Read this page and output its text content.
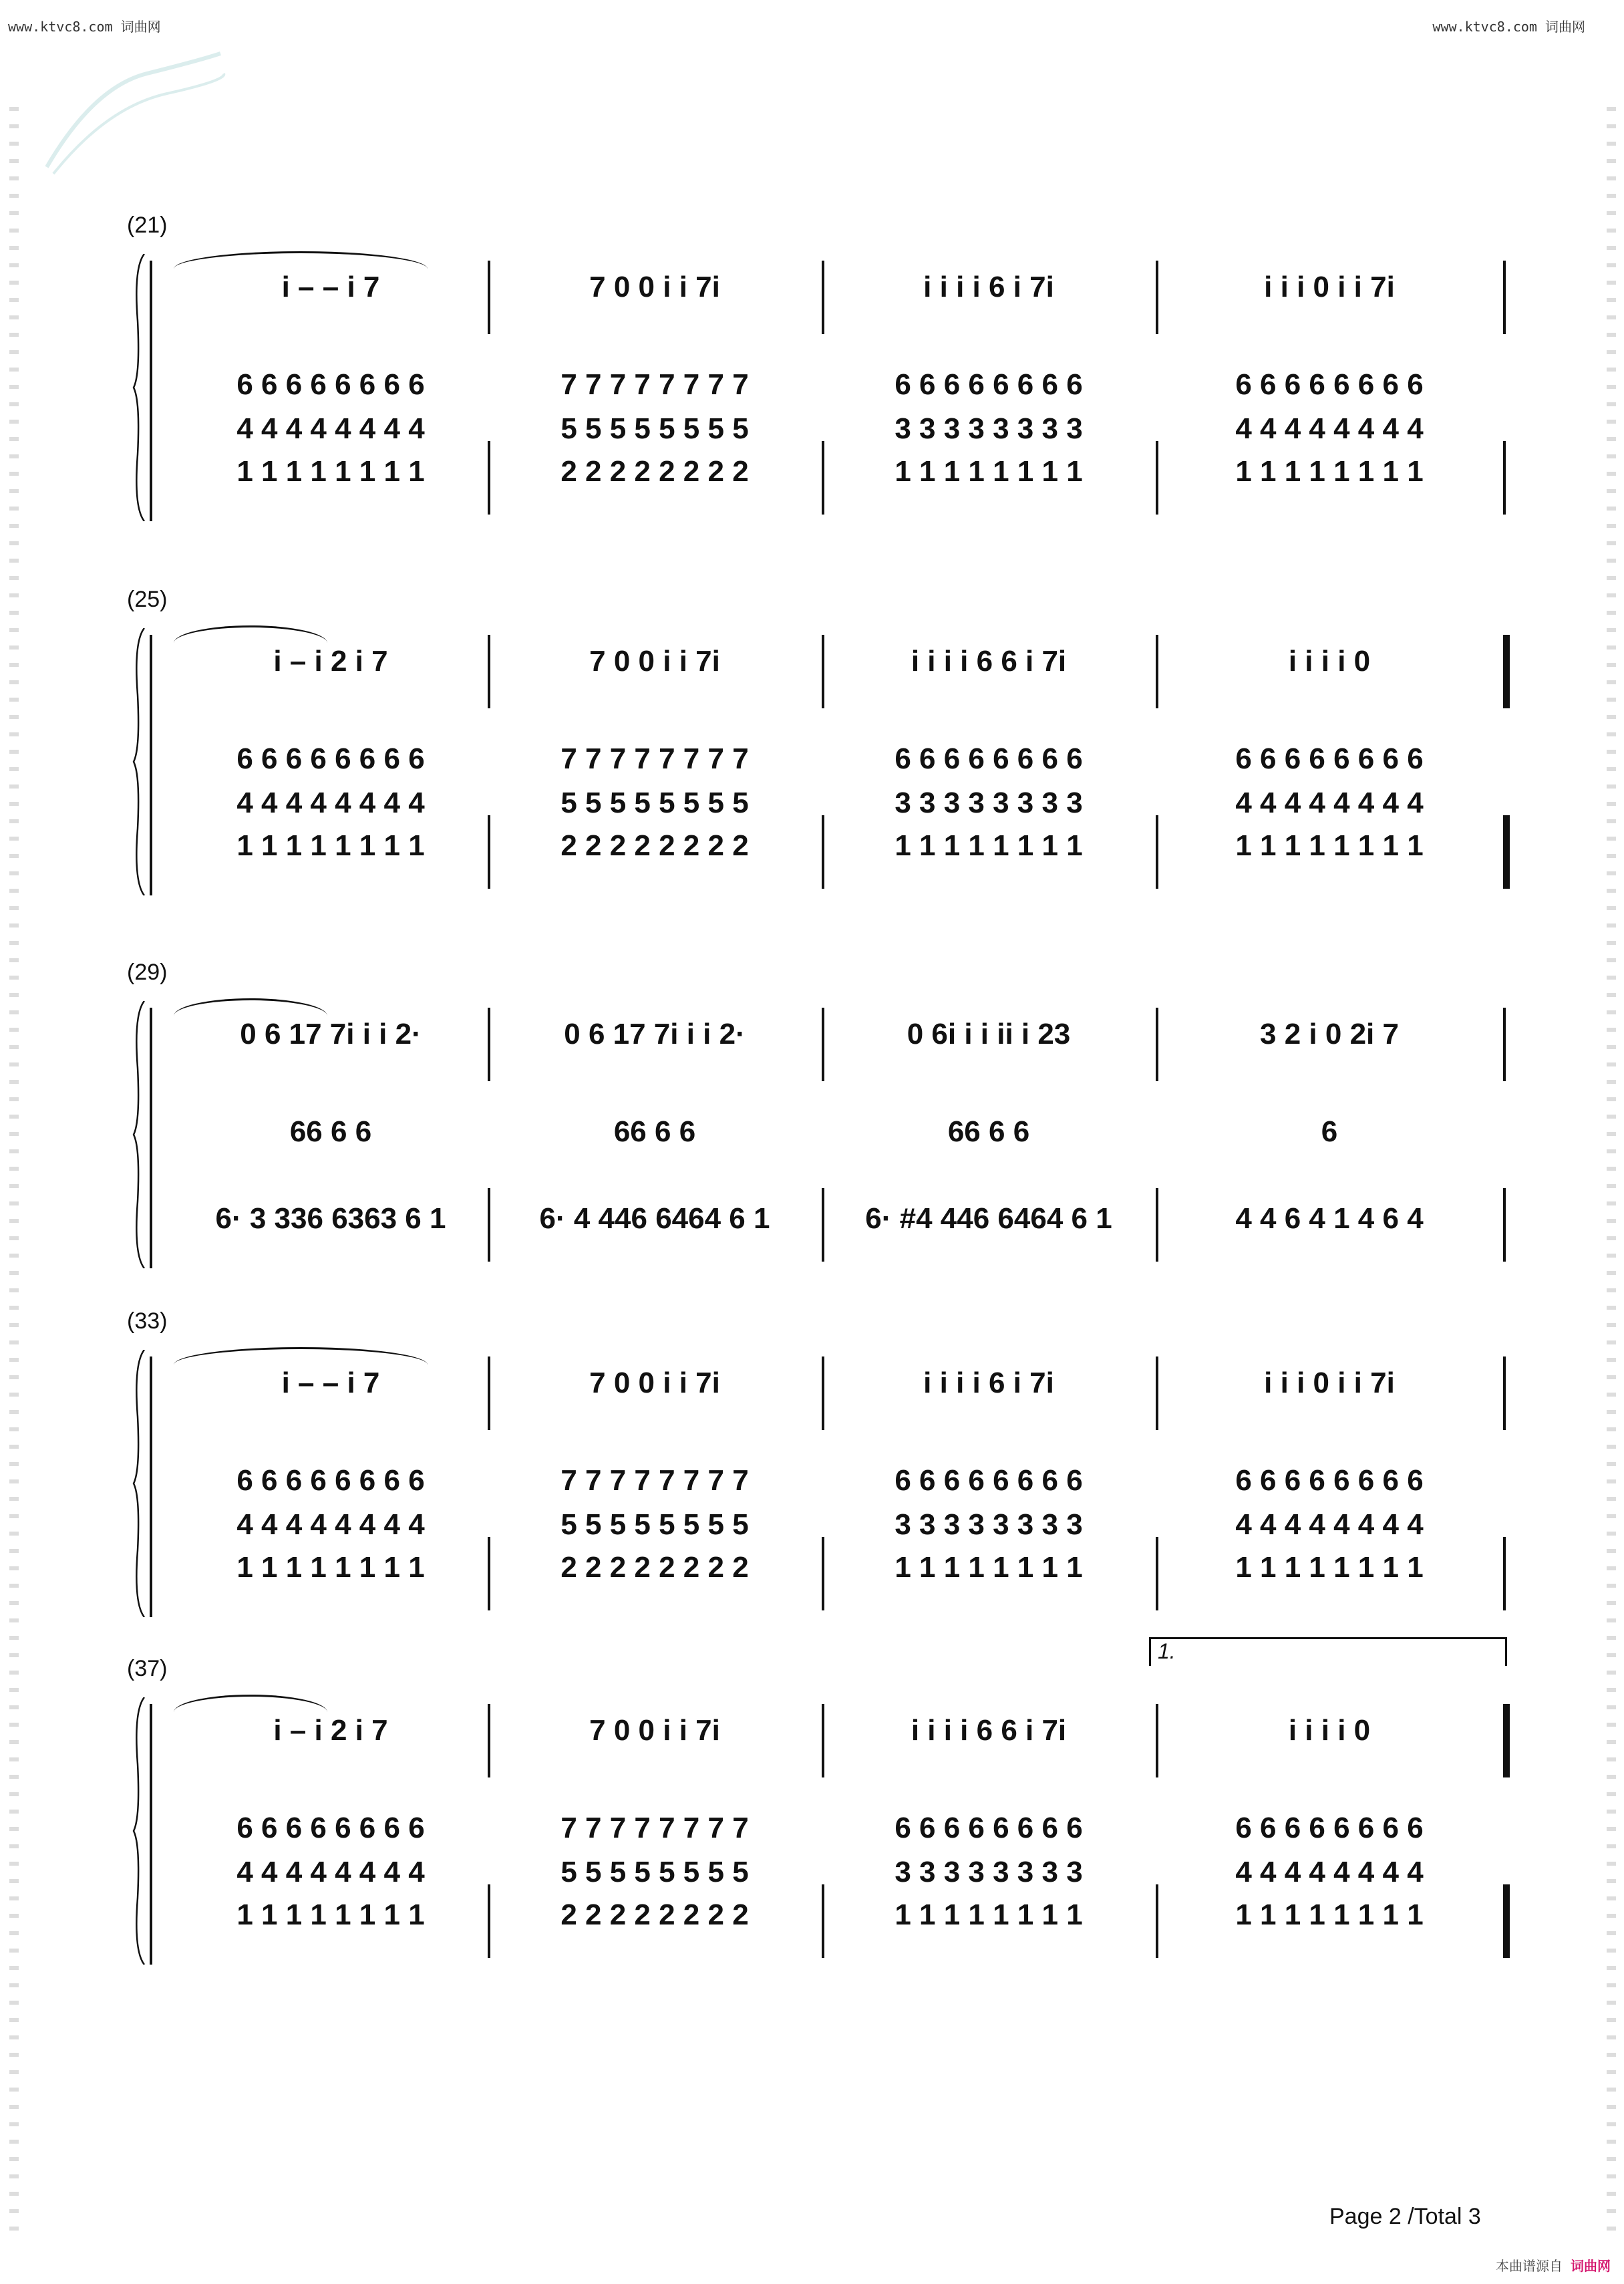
www.ktvc8.com 词曲网	www.ktvc8.com 词曲网
(21)
i – – i 7	7 0 0 i i 7i	i i i i 6 i 7i	i i i 0 i i 7i
6 6 6 6 6 6 6 6	7 7 7 7 7 7 7 7	6 6 6 6 6 6 6 6	6 6 6 6 6 6 6 6
4 4 4 4 4 4 4 4	5 5 5 5 5 5 5 5	3 3 3 3 3 3 3 3	4 4 4 4 4 4 4 4
1 1 1 1 1 1 1 1	2 2 2 2 2 2 2 2	1 1 1 1 1 1 1 1	1 1 1 1 1 1 1 1
(25)
i – i 2 i 7	7 0 0 i i 7i	i i i i 6 6 i 7i	i i i i 0
6 6 6 6 6 6 6 6	7 7 7 7 7 7 7 7	6 6 6 6 6 6 6 6	6 6 6 6 6 6 6 6
4 4 4 4 4 4 4 4	5 5 5 5 5 5 5 5	3 3 3 3 3 3 3 3	4 4 4 4 4 4 4 4
1 1 1 1 1 1 1 1	2 2 2 2 2 2 2 2	1 1 1 1 1 1 1 1	1 1 1 1 1 1 1 1
(29)
0 6 17 7i i i 2·	0 6 17 7i i i 2·	0 6i i i ii i 23	3 2 i 0 2i 7
66 6 6	66 6 6	66 6 6	6
6· 3 336 6363 6 1	6· 4 446 6464 6 1	6· #4 446 6464 6 1	4 4 6 4 1 4 6 4
(33)
i – – i 7	7 0 0 i i 7i	i i i i 6 i 7i	i i i 0 i i 7i
6 6 6 6 6 6 6 6	7 7 7 7 7 7 7 7	6 6 6 6 6 6 6 6	6 6 6 6 6 6 6 6
4 4 4 4 4 4 4 4	5 5 5 5 5 5 5 5	3 3 3 3 3 3 3 3	4 4 4 4 4 4 4 4
1 1 1 1 1 1 1 1	2 2 2 2 2 2 2 2	1 1 1 1 1 1 1 1	1 1 1 1 1 1 1 1
(37)
1.
i – i 2 i 7	7 0 0 i i 7i	i i i i 6 6 i 7i	i i i i 0
6 6 6 6 6 6 6 6	7 7 7 7 7 7 7 7	6 6 6 6 6 6 6 6	6 6 6 6 6 6 6 6
4 4 4 4 4 4 4 4	5 5 5 5 5 5 5 5	3 3 3 3 3 3 3 3	4 4 4 4 4 4 4 4
1 1 1 1 1 1 1 1	2 2 2 2 2 2 2 2	1 1 1 1 1 1 1 1	1 1 1 1 1 1 1 1
Page 2 /Total 3
本曲谱源自 词曲网
